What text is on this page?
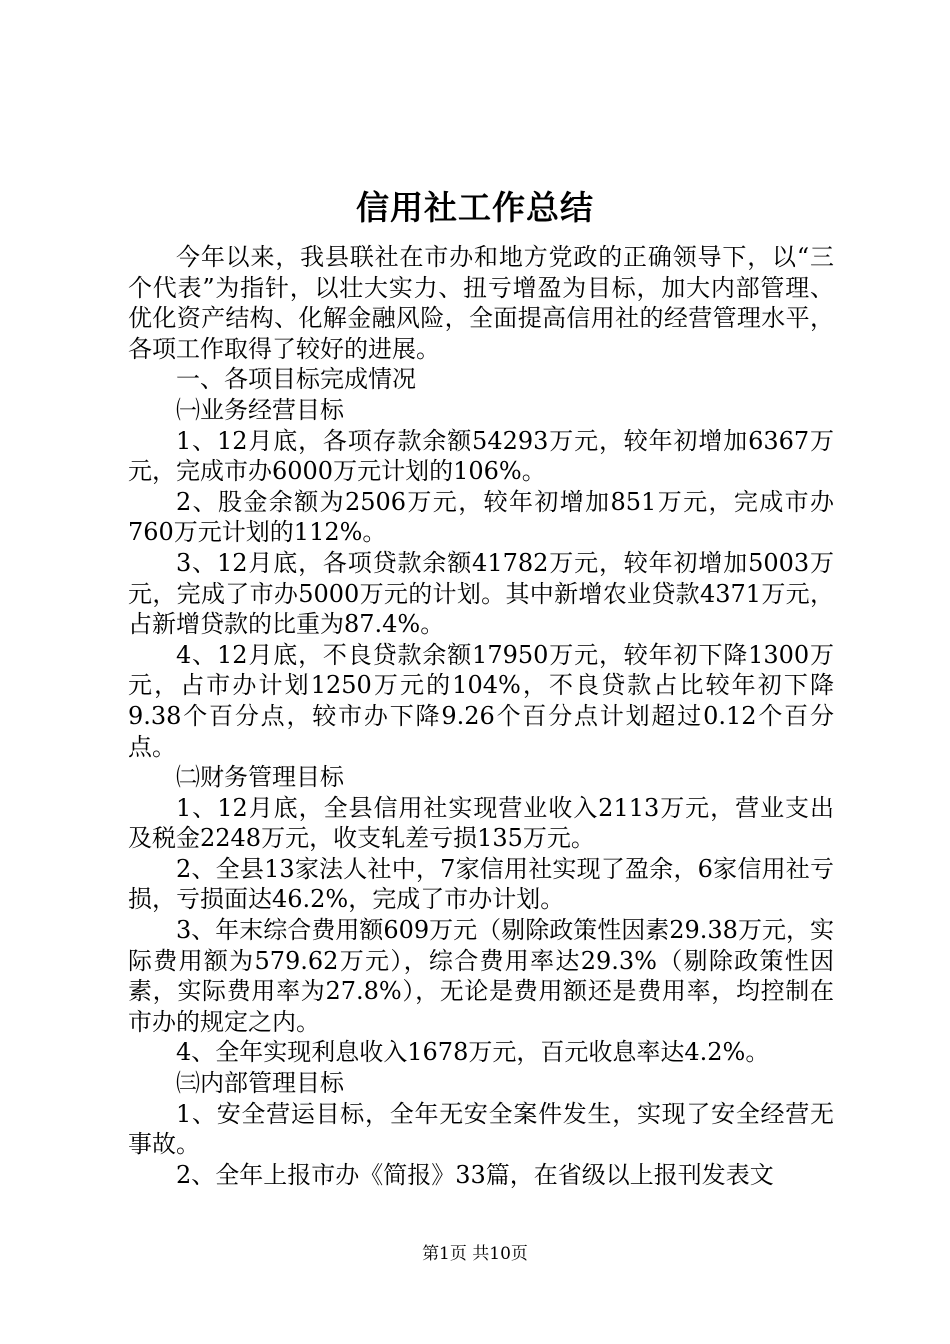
信用社工作总结

今年以来，我县联社在市办和地方党政的正确领导下，以“三个代表”为指针，以壮大实力、扭亏增盈为目标，加大内部管理、优化资产结构、化解金融风险，全面提高信用社的经营管理水平，各项工作取得了较好的进展。

一、各项目标完成情况

㈠业务经营目标

1、12月底，各项存款余额54293万元，较年初增加6367万元，完成市办6000万元计划的106%。

2、股金余额为2506万元，较年初增加851万元，完成市办760万元计划的112%。

3、12月底，各项贷款余额41782万元，较年初增加5003万元，完成了市办5000万元的计划。其中新增农业贷款4371万元，占新增贷款的比重为87.4%。

4、12月底，不良贷款余额17950万元，较年初下降1300万元，占市办计划1250万元的104%，不良贷款占比较年初下降9.38个百分点，较市办下降9.26个百分点计划超过0.12个百分点。

㈡财务管理目标

1、12月底，全县信用社实现营业收入2113万元，营业支出及税金2248万元，收支轧差亏损135万元。

2、全县13家法人社中，7家信用社实现了盈余，6家信用社亏损，亏损面达46.2%，完成了市办计划。

3、年末综合费用额609万元（剔除政策性因素29.38万元，实际费用额为579.62万元），综合费用率达29.3%（剔除政策性因素，实际费用率为27.8%），无论是费用额还是费用率，均控制在市办的规定之内。

4、全年实现利息收入1678万元，百元收息率达4.2%。

㈢内部管理目标

1、安全营运目标，全年无安全案件发生，实现了安全经营无事故。

2、全年上报市办《简报》33篇，在省级以上报刊发表文

第1页 共10页
